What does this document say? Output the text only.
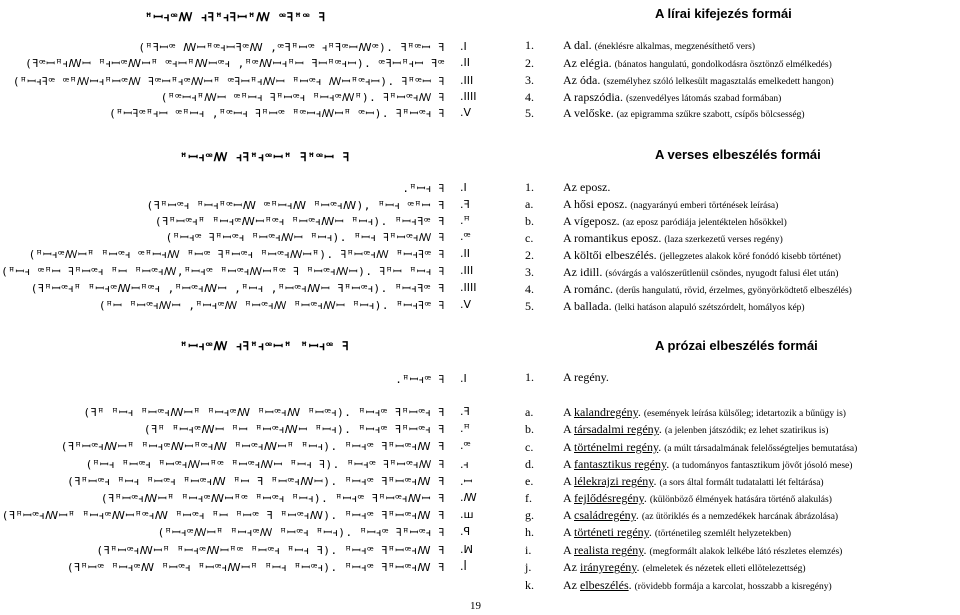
ꟸꟷꟶꟹꟿ ꟶꟻꟸꟶꟻꟷꟸꟿ ꟹꟻꟸꟹ ꟻ
(ꟸꟻꟷꟹ ꟿꟷꟸꟹꟶꟷꟻꟹꟿ ,ꟹꟻꟸꟷꟹ ꟶꟸꟻꟹꟷꟿꟹ). ꟻꟸꟹꟷ ꟻ .I
(ꟻꟹꟷꟸꟶꟿꟷ ꟸꟶꟷꟹꟿꟷꟸ ꟹꟶꟷꟸꟿꟷꟹꟶ ,ꟸꟹꟿꟷꟶꟸꟷ ꟻꟷꟸꟹꟶꟷ). ꟹꟻꟷꟸꟶꟷ ꟻꟹ .II
(ꟸꟷꟶꟻꟹ ꟹꟸꟿꟷꟶꟸꟷꟹꟿ ꟻꟹꟷꟸꟶꟹꟿꟷꟸ ꟹꟻꟷꟸꟶꟿꟷ ꟸꟷꟹꟶ ꟿꟷꟸꟹꟶꟷ). ꟻꟸꟹꟷ ꟻ .III
(ꟸꟹꟷꟶꟸꟿꟷ ꟹꟸꟷꟶ ꟻꟸꟷꟹꟶ ꟸꟷꟶꟹꟿꟸ). ꟻꟸꟷꟹꟶꟿ ꟻ .IIII
(ꟸꟷꟻꟹꟸꟶꟷ ꟹꟸꟷꟶ ,ꟸꟹꟷꟶ ꟻꟸꟷꟹ ꟸꟹꟷꟶꟿꟷꟸ ꟹꟷ). ꟻꟸꟷꟹꟶ ꟻ .V
ꟸꟷꟶꟹꟿ ꟶꟻꟸꟶꟹꟷꟸ ꟻꟸꟹꟷ ꟻ
.ꟸꟷꟶ ꟻ .I
(ꟻꟸꟷꟹꟶ ꟸꟷꟶꟸꟹꟷꟿ ꟹꟸꟷꟶꟿ ꟸꟷꟹꟶꟿ), ꟸꟷꟶ ꟹꟸꟷ ꟻ .ꟻ
(ꟻꟸꟷꟹꟶꟸ ꟸꟷꟶꟹꟿꟷꟸꟹꟶ ꟸꟷꟹꟶꟿꟷ ꟸꟷꟶ). ꟸꟷꟶꟻꟹ ꟻ .ꟸ
(ꟸꟷꟶꟹ ꟻꟸꟷꟹꟶ ꟸꟷꟹꟶꟿꟷ ꟸꟷꟶ). ꟸꟷꟶ ꟻꟸꟷꟹꟶꟿ ꟻ .ꟹ
(ꟸꟷꟶꟹꟿꟷꟸ ꟸꟷꟹꟶ ꟹꟸꟷꟶꟿ ꟸꟷꟹ ꟻꟸꟷꟹꟶ ꟸꟷꟹꟶꟿꟷꟸ). ꟻꟸꟷꟹꟶꟿ ꟸꟷꟶꟻꟹ ꟻ .II
(ꟸꟷꟶ ꟹꟸꟷ ꟻꟸꟷꟹꟶ ꟸꟷ ꟸꟷꟹꟶꟿ,ꟸꟷꟶꟹ ꟸꟷꟹꟶꟿꟷꟸꟹ ꟻ ꟸꟷꟹꟶꟿꟷ). ꟻꟸꟷ ꟸꟷꟶ ꟻ .III
(ꟻꟸꟷꟹꟶꟸ ꟸꟷꟶꟹꟿꟷꟸꟹꟶ ,ꟸꟷꟹꟶꟿꟷ ,ꟸꟷꟶ ,ꟸꟷꟹꟶꟿꟷ ꟻꟸꟷꟹꟶ). ꟸꟷꟶꟻꟹ ꟻ .IIII
(ꟸꟷ ꟸꟷꟹꟶꟿꟷ ,ꟸꟷꟶꟹꟿ ꟸꟷꟹꟶꟿ ꟸꟷꟹꟶꟿꟷ ꟸꟷꟶ). ꟸꟷꟶꟻꟹ ꟻ .V
ꟸꟷꟶꟹꟿ ꟶꟻꟸꟶꟹꟷꟸ ꟸꟷꟶꟹ ꟻ
.ꟸꟷꟶꟹ ꟻ .I
(ꟻꟸ ꟸꟷꟶ ꟸꟷꟹꟶꟿꟷꟸ ꟸꟷꟶꟹꟿ ꟸꟷꟹꟶꟿ ꟸꟷꟹꟶ). ꟸꟷꟶꟹ ꟻꟸꟷꟹꟶ ꟻ .ꟻ
(ꟻꟸ ꟸꟷꟶꟹꟿꟷ ꟸꟷ ꟸꟷꟹꟶꟿꟷ ꟸꟷꟶ). ꟸꟷꟶꟹ ꟻꟸꟷꟹꟶ ꟻ .ꟸ
(ꟻꟸꟷꟹꟶꟿꟷꟸ ꟸꟷꟶꟹꟿꟷꟸꟹꟶꟿ ꟸꟷꟹꟶꟿꟷꟸ ꟸꟷꟶ). ꟸꟷꟶꟹ ꟻꟸꟷꟹꟶꟿ ꟻ .ꟹ
(ꟸꟷꟶ ꟸꟷꟹꟶ ꟸꟷꟹꟶꟿꟷꟸꟹ ꟸꟷꟹꟶꟿꟷ ꟸꟷꟶ ꟻ). ꟸꟷꟶꟹ ꟻꟸꟷꟹꟶꟿ ꟻ .ꟶ
(ꟻꟸꟷꟹꟶ ꟸꟷꟶ ꟸꟷꟹꟶ ꟸꟷꟹꟶꟿ ꟸꟷ ꟻ ꟸꟷꟹꟶꟿꟷ). ꟸꟷꟶꟹ ꟻꟸꟷꟹꟶꟿ ꟻ .ꟷ
(ꟻꟸꟷꟹꟶꟿꟷꟸ ꟸꟷꟶꟹꟿꟷꟸꟹ ꟸꟷꟹꟶ ꟸꟷꟶ). ꟸꟷꟶꟹ ꟻꟸꟷꟹꟶꟿꟷ ꟻ .ꟿ
(ꟻꟸꟷꟹꟶꟿꟷꟸ ꟸꟷꟶꟹꟿꟷꟸꟹꟶꟿ ꟸꟷꟹꟶ ꟸꟷ ꟸꟷꟹ ꟻ ꟸꟷꟹꟶꟿ). ꟸꟷꟶꟹ ꟻꟸꟷꟹꟶꟿ ꟻ .ꟺ
(ꟸꟷꟶꟹꟿꟷꟸ ꟸꟷꟶꟹꟿ ꟸꟷꟹꟶ ꟸꟷꟶ). ꟸꟷꟶꟹ ꟻꟸꟷꟹꟶ ꟻ .ꟼ
(ꟻꟸꟷꟹꟶꟿꟷꟸ ꟸꟷꟶꟹꟿꟷꟸꟹ ꟸꟷꟹꟶ ꟸꟷꟶ ꟻ). ꟸꟷꟶꟹ ꟻꟸꟷꟹꟶꟿ ꟻ .ꟽ
(ꟻꟸꟷꟹ ꟸꟷꟶꟹꟿ ꟸꟷꟹꟶ ꟸꟷꟹꟶꟿꟷꟸ ꟸꟷꟶ ꟸꟷꟹꟶ). ꟸꟷꟶꟹ ꟻꟸꟷꟹꟶꟿ ꟻ .ꟾ
A lírai kifejezés formái
1. A dal. (éneklésre alkalmas, megzenésíthető vers)
2. Az elégia. (bánatos hangulatú, gondolkodásra ösztönző elmélkedés)
3. Az óda. (személyhez szóló lelkesült magasztalás emelkedett hangon)
4. A rapszódia. (szenvedélyes látomás szabad formában)
5. A velőske. (az epigramma szűkre szabott, csípős bölcsesség)
A verses elbeszélés formái
1. Az eposz.
a. A hősi eposz. (nagyarányú emberi történések leírása)
b. A vígeposz. (az eposz paródiája jelentéktelen hősökkel)
c. A romantikus eposz. (laza szerkezetű verses regény)
2. A költői elbeszélés. (jellegzetes alakok köré fonódó kisebb történet)
3. Az idill. (sóvárgás a valószerűtlenül csöndes, nyugodt falusi élet után)
4. A románc. (derűs hangulatú, rövid, érzelmes, gyönyörködtető elbeszélés)
5. A ballada. (lelki hatáson alapuló szétszórdelt, homályos kép)
A prózai elbeszélés formái
1. A regény.
a. A kalandregény. (események leírása külsőleg; idetartozik a bűnügy is)
b. A társadalmi regény. (a jelenben játszódik; ez lehet szatirikus is)
c. A történelmi regény. (a múlt társadalmának felelősségteljes bemutatása)
d. A fantasztikus regény. (a tudományos fantasztikum jövőt jósoló mese)
e. A lélekrajzi regény. (a sors által formált tudatalatti lét feltárása)
f.	A fejlődésregény. (különböző élmények hatására történő alakulás)
g. A családregény. (az ütöriklés és a nemzedékek harcának ábrázolása)
h. A történeti regény. (történetileg szemlélt helyzetekben)
i.	A realista regény. (megformált alakok lelkébe látó részletes elemzés)
j.	Az irányregény. (elmeletek és nézetek elleti ellötelezettség)
k. Az elbeszélés. (rövidebb formája a karcolat, hosszabb a kisregény)
19
